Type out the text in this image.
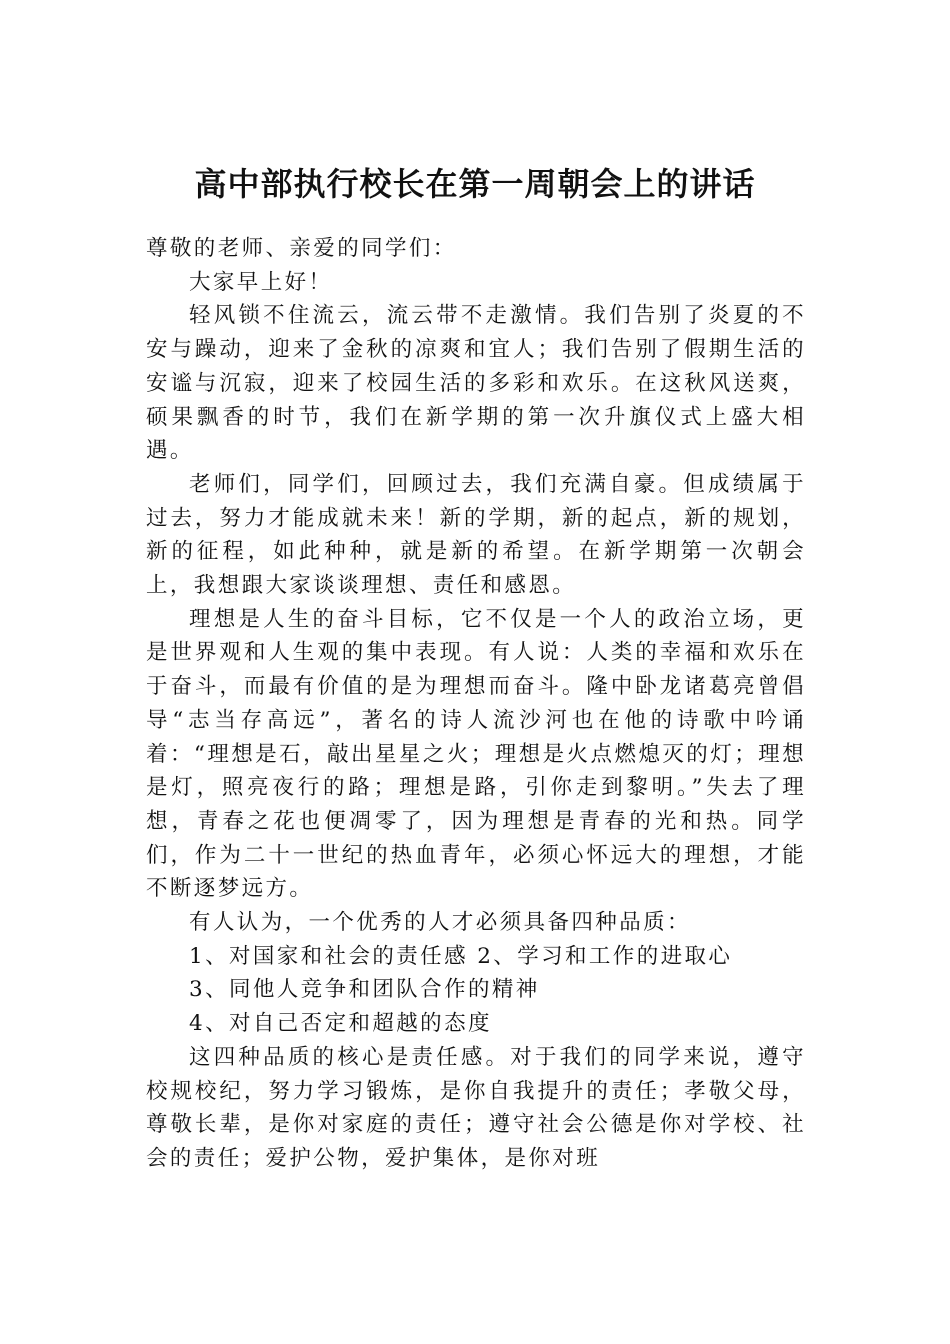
高中部执行校长在第一周朝会上的讲话

尊敬的老师、亲爱的同学们：

大家早上好！

轻风锁不住流云，流云带不走激情。我们告别了炎夏的不安与躁动，迎来了金秋的凉爽和宜人；我们告别了假期生活的安谧与沉寂，迎来了校园生活的多彩和欢乐。在这秋风送爽，硕果飘香的时节，我们在新学期的第一次升旗仪式上盛大相遇。

老师们，同学们，回顾过去，我们充满自豪。但成绩属于过去，努力才能成就未来！新的学期，新的起点，新的规划，新的征程，如此种种，就是新的希望。在新学期第一次朝会上，我想跟大家谈谈理想、责任和感恩。

理想是人生的奋斗目标，它不仅是一个人的政治立场，更是世界观和人生观的集中表现。有人说：人类的幸福和欢乐在于奋斗，而最有价值的是为理想而奋斗。隆中卧龙诸葛亮曾倡导“志当存高远”，著名的诗人流沙河也在他的诗歌中吟诵着：“理想是石，敲出星星之火；理想是火点燃熄灭的灯；理想是灯，照亮夜行的路；理想是路，引你走到黎明。”失去了理想，青春之花也便凋零了，因为理想是青春的光和热。同学们，作为二十一世纪的热血青年，必须心怀远大的理想，才能不断逐梦远方。

有人认为，一个优秀的人才必须具备四种品质：

1、对国家和社会的责任感 2、学习和工作的进取心

3、同他人竞争和团队合作的精神

4、对自己否定和超越的态度

这四种品质的核心是责任感。对于我们的同学来说，遵守校规校纪，努力学习锻炼，是你自我提升的责任；孝敬父母，尊敬长辈，是你对家庭的责任；遵守社会公德是你对学校、社会的责任；爱护公物，爱护集体，是你对班
